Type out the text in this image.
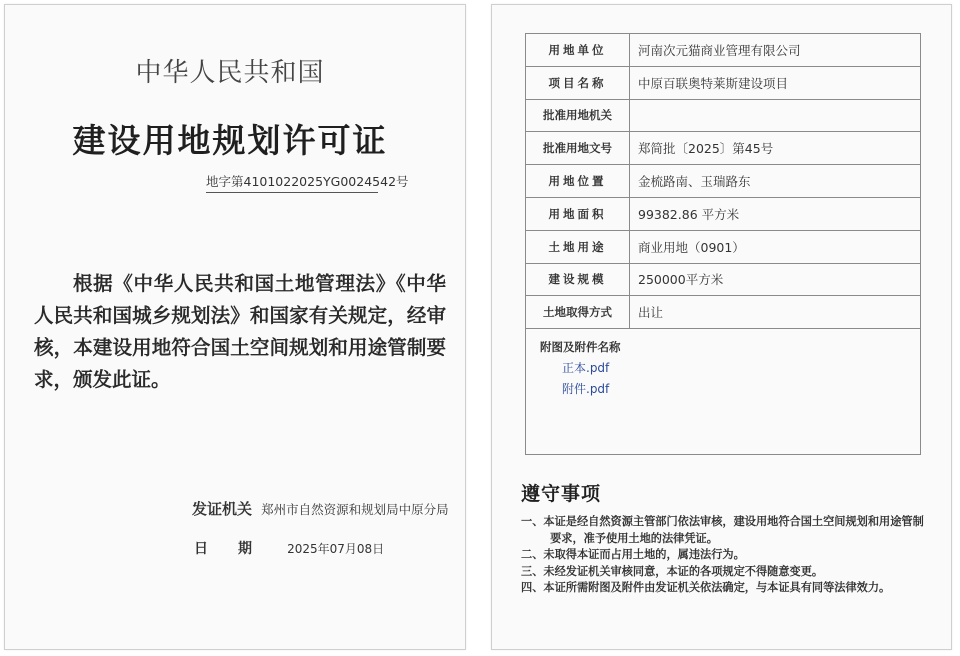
中华人民共和国
建设用地规划许可证
地字第4101022025YG0024542号
根据《中华人民共和国土地管理法》《中华人民共和国城乡规划法》和国家有关规定，经审核，本建设用地符合国土空间规划和用途管制要求，颁发此证。
发证机关 郑州市自然资源和规划局中原分局
日期 2025年07月08日
用地单位	河南次元猫商业管理有限公司
项目名称	中原百联奥特莱斯建设项目
批准用地机关	
批准用地文号	郑简批〔2025〕第45号
用地位置	金梳路南、玉瑞路东
用地面积	99382.86 平方米
土地用途	商业用地（0901）
建设规模	250000平方米
土地取得方式	出让

附图及附件名称
正本.pdf
附件.pdf	
遵守事项
一、本证是经自然资源主管部门依法审核，建设用地符合国土空间规划和用途管制要求，准予使用土地的法律凭证。
二、未取得本证而占用土地的，属违法行为。
三、未经发证机关审核同意，本证的各项规定不得随意变更。
四、本证所需附图及附件由发证机关依法确定，与本证具有同等法律效力。
